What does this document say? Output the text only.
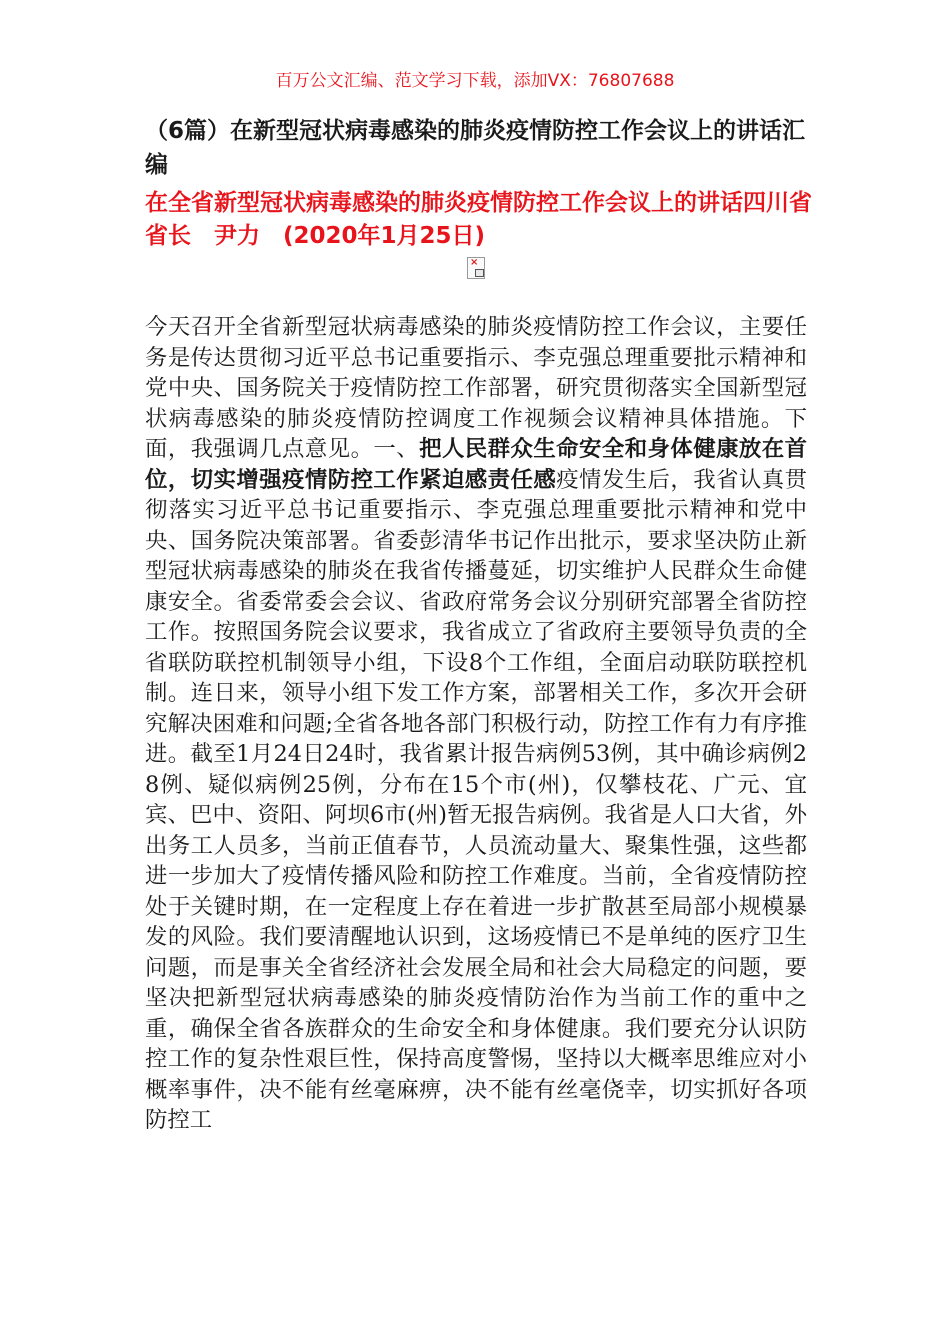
百万公文汇编、范文学习下载，添加VX：76807688
（6篇）在新型冠状病毒感染的肺炎疫情防控工作会议上的讲话汇编
在全省新型冠状病毒感染的肺炎疫情防控工作会议上的讲话四川省省长　尹力　(2020年1月25日)
×
今天召开全省新型冠状病毒感染的肺炎疫情防控工作会议，主要任务是传达贯彻习近平总书记重要指示、李克强总理重要批示精神和党中央、国务院关于疫情防控工作部署，研究贯彻落实全国新型冠状病毒感染的肺炎疫情防控调度工作视频会议精神具体措施。下面，我强调几点意见。一、把人民群众生命安全和身体健康放在首位，切实增强疫情防控工作紧迫感责任感疫情发生后，我省认真贯彻落实习近平总书记重要指示、李克强总理重要批示精神和党中央、国务院决策部署。省委彭清华书记作出批示，要求坚决防止新型冠状病毒感染的肺炎在我省传播蔓延，切实维护人民群众生命健康安全。省委常委会会议、省政府常务会议分别研究部署全省防控工作。按照国务院会议要求，我省成立了省政府主要领导负责的全省联防联控机制领导小组，下设8个工作组，全面启动联防联控机制。连日来，领导小组下发工作方案，部署相关工作，多次开会研究解决困难和问题;全省各地各部门积极行动，防控工作有力有序推进。截至1月24日24时，我省累计报告病例53例，其中确诊病例28例、疑似病例25例，分布在15个市(州)，仅攀枝花、广元、宜宾、巴中、资阳、阿坝6市(州)暂无报告病例。我省是人口大省，外出务工人员多，当前正值春节，人员流动量大、聚集性强，这些都进一步加大了疫情传播风险和防控工作难度。当前，全省疫情防控处于关键时期，在一定程度上存在着进一步扩散甚至局部小规模暴发的风险。我们要清醒地认识到，这场疫情已不是单纯的医疗卫生问题，而是事关全省经济社会发展全局和社会大局稳定的问题，要坚决把新型冠状病毒感染的肺炎疫情防治作为当前工作的重中之重，确保全省各族群众的生命安全和身体健康。我们要充分认识防控工作的复杂性艰巨性，保持高度警惕，坚持以大概率思维应对小概率事件，决不能有丝毫麻痹，决不能有丝毫侥幸，切实抓好各项防控工
